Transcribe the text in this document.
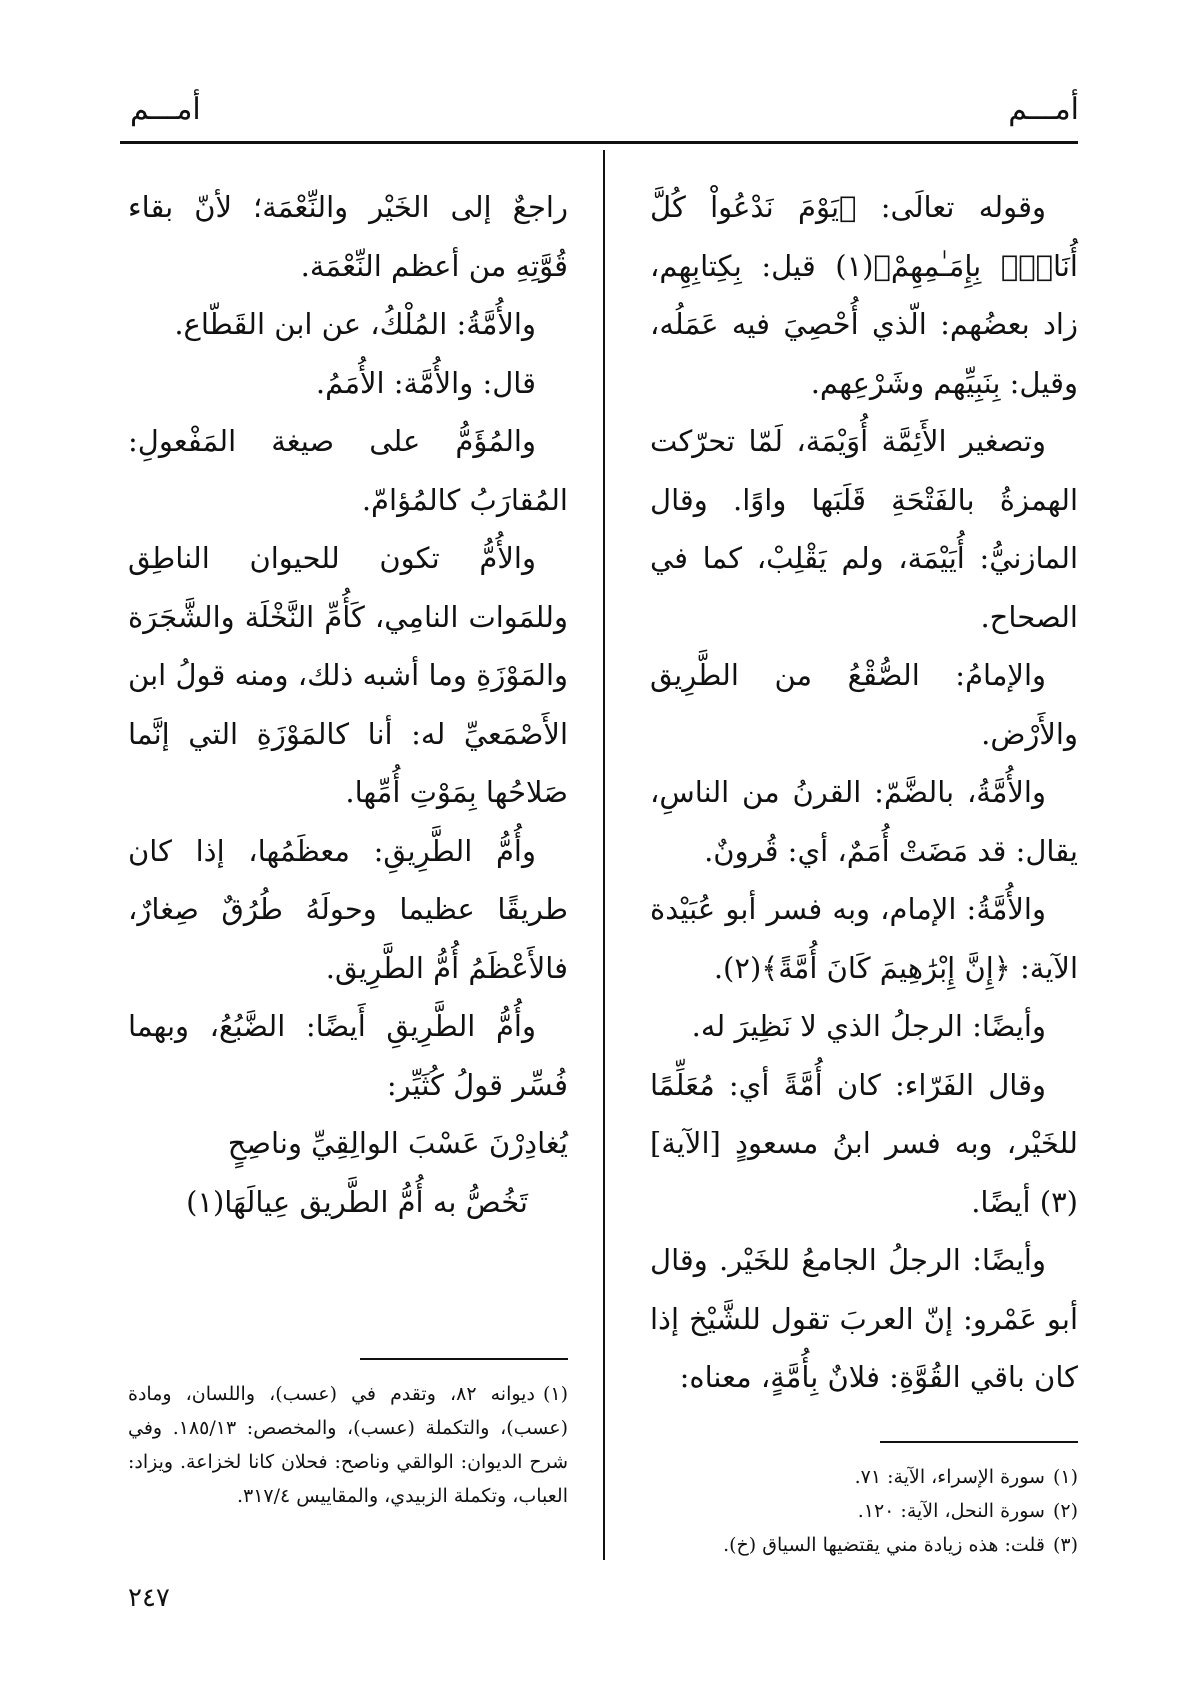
أمـــم
أمـــم

وقوله تعالَى: ﴿يَوْمَ نَدْعُواْ كُلَّ أُنَاسِۭ بِإِمَـٰمِهِمْ﴾(١) قيل: بِكِتابِهِم، زاد بعضُهم: الّذي أُحْصِيَ فيه عَمَلُه، وقيل: بِنَبِيِّهم وشَرْعِهم.

وتصغير الأَئِمَّة أُوَيْمَة، لَمّا تحرّكت الهمزةُ بالفَتْحَةِ قَلَبَها واوًا. وقال المازنيُّ: أُيَيْمَة، ولم يَقْلِبْ، كما في الصحاح.

والإمامُ: الصُّقْعُ من الطَّرِيق والأَرْض.

والأُمَّةُ، بالضَّمّ: القرنُ من الناسِ، يقال: قد مَضَتْ أُمَمٌ، أي: قُرونٌ.

والأُمَّةُ: الإمام، وبه فسر أبو عُبَيْدة الآية: ﴿إِنَّ إِبْرَٰهِيمَ كَانَ أُمَّةً﴾(٢).

وأيضًا: الرجلُ الذي لا نَظِيرَ له.

وقال الفَرّاء: كان أُمَّةً أي: مُعَلِّمًا للخَيْر، وبه فسر ابنُ مسعودٍ [الآية](٣) أيضًا.

وأيضًا: الرجلُ الجامعُ للخَيْر. وقال أبو عَمْرو: إنّ العربَ تقول للشَّيْخ إذا كان باقي القُوَّةِ: فلانٌ بِأُمَّةٍ، معناه:

راجعٌ إلى الخَيْر والنِّعْمَة؛ لأنّ بقاء قُوَّتِهِ من أعظم النِّعْمَة.

والأُمَّةُ: المُلْكُ، عن ابن القَطّاع.

قال: والأُمَّة: الأُمَمُ.

والمُؤَمُّ على صيغة المَفْعولِ: المُقارَبُ كالمُؤامّ.

والأُمُّ تكون للحيوان الناطِق وللمَوات النامِي، كَأُمِّ النَّخْلَة والشَّجَرَة والمَوْزَةِ وما أشبه ذلك، ومنه قولُ ابن الأَصْمَعيِّ له: أنا كالمَوْزَةِ التي إنَّما صَلاحُها بِمَوْتِ أُمِّها.

وأُمُّ الطَّرِيقِ: معظَمُها، إذا كان طريقًا عظيما وحولَهُ طُرُقٌ صِغارٌ، فالأَعْظَمُ أُمُّ الطَّرِيق.

وأُمُّ الطَّرِيقِ أَيضًا: الضَّبُعُ، وبهما فُسِّر قولُ كُثَيِّر:

يُغادِرْنَ عَسْبَ الوالِقِيِّ وناصِحٍ

تَخُصُّ به أُمُّ الطَّريق عِيالَهَا(١)

(١)سورة الإسراء، الآية: ٧١.

(٢)سورة النحل، الآية: ١٢٠.

(٣)قلت: هذه زيادة مني يقتضيها السياق (خ).

(١)ديوانه ٨٢، وتقدم في (عسب)، واللسان، ومادة (عسب)، والتكملة (عسب)، والمخصص: ١٨٥/١٣. وفي شرح الديوان: الوالقي وناصح: فحلان كانا لخزاعة. ويزاد: العباب، وتكملة الزبيدي، والمقاييس ٣١٧/٤.

٢٤٧
